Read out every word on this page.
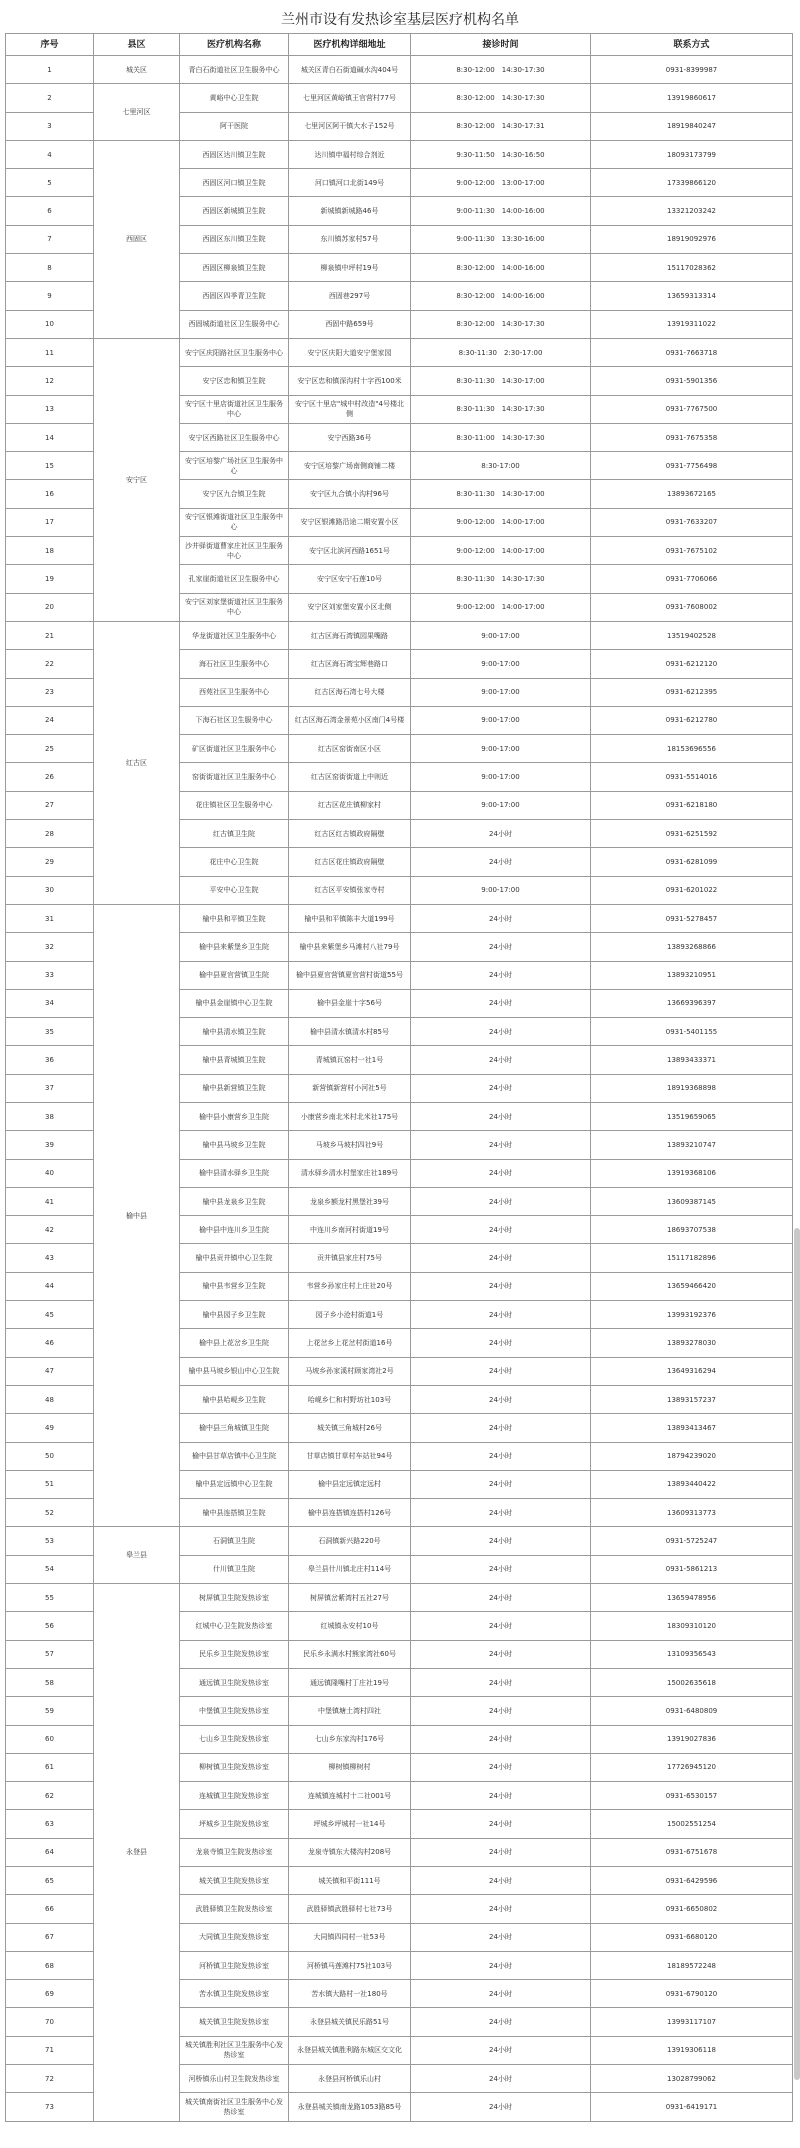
兰州市设有发热诊室基层医疗机构名单
序号	县区	医疗机构名称	医疗机构详细地址	接诊时间	联系方式
1	城关区	青白石街道社区卫生服务中心	城关区青白石街道碱水沟404号	8:30-12:00　14:30-17:30	0931-8399987
2	七里河区	黄峪中心卫生院	七里河区黄峪镇王官营村77号	8:30-12:00　14:30-17:30	13919860617
3		阿干医院	七里河区阿干镇大水子152号	8:30-12:00　14:30-17:31	18919840247
4	西固区	西固区达川镇卫生院	达川镇申福村综合剂近	9:30-11:50　14:30-16:50	18093173799
5		西固区河口镇卫生院	河口镇河口北街149号	9:00-12:00　13:00-17:00	17339866120
6		西固区新城镇卫生院	新城镇新城路46号	9:00-11:30　14:00-16:00	13321203242
7		西固区东川镇卫生院	东川镇苏家村57号	9:00-11:30　13:30-16:00	18919092976
8		西固区柳泉镇卫生院	柳泉镇中坪村19号	8:30-12:00　14:00-16:00	15117028362
9		西固区四季青卫生院	西固巷297号	8:30-12:00　14:00-16:00	13659313314
10		西固城街道社区卫生服务中心	西固中路659号	8:30-12:00　14:30-17:30	13919311022
11	安宁区	安宁区庆阳路社区卫生服务中心	安宁区庆阳大道安宁堡家园	8:30-11:30　2:30-17:00	0931-7663718
12		安宁区忠和镇卫生院	安宁区忠和镇深沟村十字西100米	8:30-11:30　14:30-17:00	0931-5901356
13		安宁区十里店街道社区卫生服务中心	安宁区十里店"城中村改造"4号楼北侧	8:30-11:30　14:30-17:30	0931-7767500
14		安宁区西路社区卫生服务中心	安宁西路36号	8:30-11:00　14:30-17:30	0931-7675358
15		安宁区培黎广场社区卫生服务中心	安宁区培黎广场南侧商铺二楼	8:30-17:00	0931-7756498
16		安宁区九合镇卫生院	安宁区九合镇小沟村96号	8:30-11:30　14:30-17:00	13893672165
17		安宁区银滩街道社区卫生服务中心	安宁区银滩路沿途二期安置小区	9:00-12:00　14:00-17:00	0931-7633207
18		沙井驿街道曹家庄社区卫生服务中心	安宁区北滨河西路1651号	9:00-12:00　14:00-17:00	0931-7675102
19		孔家崖街道社区卫生服务中心	安宁区安宁石莲10号	8:30-11:30　14:30-17:30	0931-7706066
20		安宁区刘家堡街道社区卫生服务中心	安宁区刘家堡安置小区北侧	9:00-12:00　14:00-17:00	0931-7608002
21	红古区	华龙街道社区卫生服务中心	红古区海石湾镇园果嘴路	9:00-17:00	13519402528
22		海石社区卫生服务中心	红古区海石湾宝辉巷路口	9:00-17:00	0931-6212120
23		西苑社区卫生服务中心	红古区海石湾七号大楼	9:00-17:00	0931-6212395
24		下海石社区卫生服务中心	红古区海石湾金景苑小区南门4号楼	9:00-17:00	0931-6212780
25		矿区街道社区卫生服务中心	红古区窑街南区小区	9:00-17:00	18153696556
26		窑街街道社区卫生服务中心	红古区窑街街道上中则近	9:00-17:00	0931-5514016
27		花庄镇社区卫生服务中心	红古区花庄镇柳家村	9:00-17:00	0931-6218180
28		红古镇卫生院	红古区红古镇政府隔壁	24小时	0931-6251592
29		花庄中心卫生院	红古区花庄镇政府隔壁	24小时	0931-6281099
30		平安中心卫生院	红古区平安镇张家寺村	9:00-17:00	0931-6201022
31	榆中县	榆中县和平镇卫生院	榆中县和平镇陈丰大道199号	24小时	0931-5278457
32		榆中县来紫堡乡卫生院	榆中县来紫堡乡马滩村八社79号	24小时	13893268866
33		榆中县夏官营镇卫生院	榆中县夏官营镇夏官营村街道55号	24小时	13893210951
34		榆中县金崖镇中心卫生院	榆中县金崖十字56号	24小时	13669396397
35		榆中县清水镇卫生院	榆中县清水镇清水村85号	24小时	0931-5401155
36		榆中县青城镇卫生院	青城镇瓦窑村一社1号	24小时	13893433371
37		榆中县新营镇卫生院	新营镇新营村小河社5号	24小时	18919368898
38		榆中县小康营乡卫生院	小康营乡南北米村北米社175号	24小时	13519659065
39		榆中县马坡乡卫生院	马坡乡马坡村四社9号	24小时	13893210747
40		榆中县清水驿乡卫生院	清水驿乡清水村堡家庄社189号	24小时	13919368106
41		榆中县龙泉乡卫生院	龙泉乡额龙村黑堡社39号	24小时	13609387145
42		榆中县中连川乡卫生院	中连川乡南河村街道19号	24小时	18693707538
43		榆中县贡井镇中心卫生院	贡井镇县家庄村75号	24小时	15117182896
44		榆中县韦营乡卫生院	韦营乡孙家庄村上庄社20号	24小时	13659466420
45		榆中县园子乡卫生院	园子乡小沧村街道1号	24小时	13993192376
46		榆中县上花岔乡卫生院	上花岔乡上花岔村街道16号	24小时	13893278030
47		榆中县马坡乡银山中心卫生院	马坡乡孙家溪村顾家湾社2号	24小时	13649316294
48		榆中县哈岘乡卫生院	哈岘乡仁和村野坊社103号	24小时	13893157237
49		榆中县三角城镇卫生院	城关镇三角城村26号	24小时	13893413467
50		榆中县甘草店镇中心卫生院	甘草店镇甘草村车站社94号	24小时	18794239020
51		榆中县定远镇中心卫生院	榆中县定远镇定远村	24小时	13893440422
52		榆中县连搭镇卫生院	榆中县连搭镇连搭村126号	24小时	13609313773
53	皋兰县	石洞镇卫生院	石洞镇新兴路220号	24小时	0931-5725247
54		什川镇卫生院	皋兰县什川镇北庄村114号	24小时	0931-5861213
55	永登县	树屏镇卫生院发热诊室	树屏镇岔紫湾村五社27号	24小时	13659478956
56		红城中心卫生院发热诊室	红城镇永安村10号	24小时	18309310120
57		民乐乡卫生院发热诊室	民乐乡永满水村熊家湾社60号	24小时	13109356543
58		通远镇卫生院发热诊室	通远镇隆嘴村丁庄社19号	24小时	15002635618
59		中堡镇卫生院发热诊室	中堡镇塘土湾村四社	24小时	0931-6480809
60		七山乡卫生院发热诊室	七山乡东家沟村176号	24小时	13919027836
61		柳树镇卫生院发热诊室	柳树镇柳树村	24小时	17726945120
62		连城镇卫生院发热诊室	连城镇连城村十二社001号	24小时	0931-6530157
63		坪城乡卫生院发热诊室	坪城乡坪城村一社14号	24小时	15002551254
64		龙泉寺镇卫生院发热诊室	龙泉寺镇东大楼沟村208号	24小时	0931-6751678
65		城关镇卫生院发热诊室	城关镇和平街111号	24小时	0931-6429596
66		武胜驿镇卫生院发热诊室	武胜驿镇武胜驿村七社73号	24小时	0931-6650802
67		大同镇卫生院发热诊室	大同镇四同村一社53号	24小时	0931-6680120
68		河桥镇卫生院发热诊室	河桥镇马莲滩村75社103号	24小时	18189572248
69		苦水镇卫生院发热诊室	苦水镇大路村一社180号	24小时	0931-6790120
70		城关镇卫生院发热诊室	永登县城关镇民乐路51号	24小时	13993117107
71		城关镇胜利社区卫生服务中心发热诊室	永登县城关镇胜利路东城区交文化	24小时	13919306118
72		河桥镇乐山村卫生院发热诊室	永登县河桥镇乐山村	24小时	13028799062
73		城关镇南街社区卫生服务中心发热诊室	永登县城关镇南龙路1053路85号	24小时	0931-6419171
